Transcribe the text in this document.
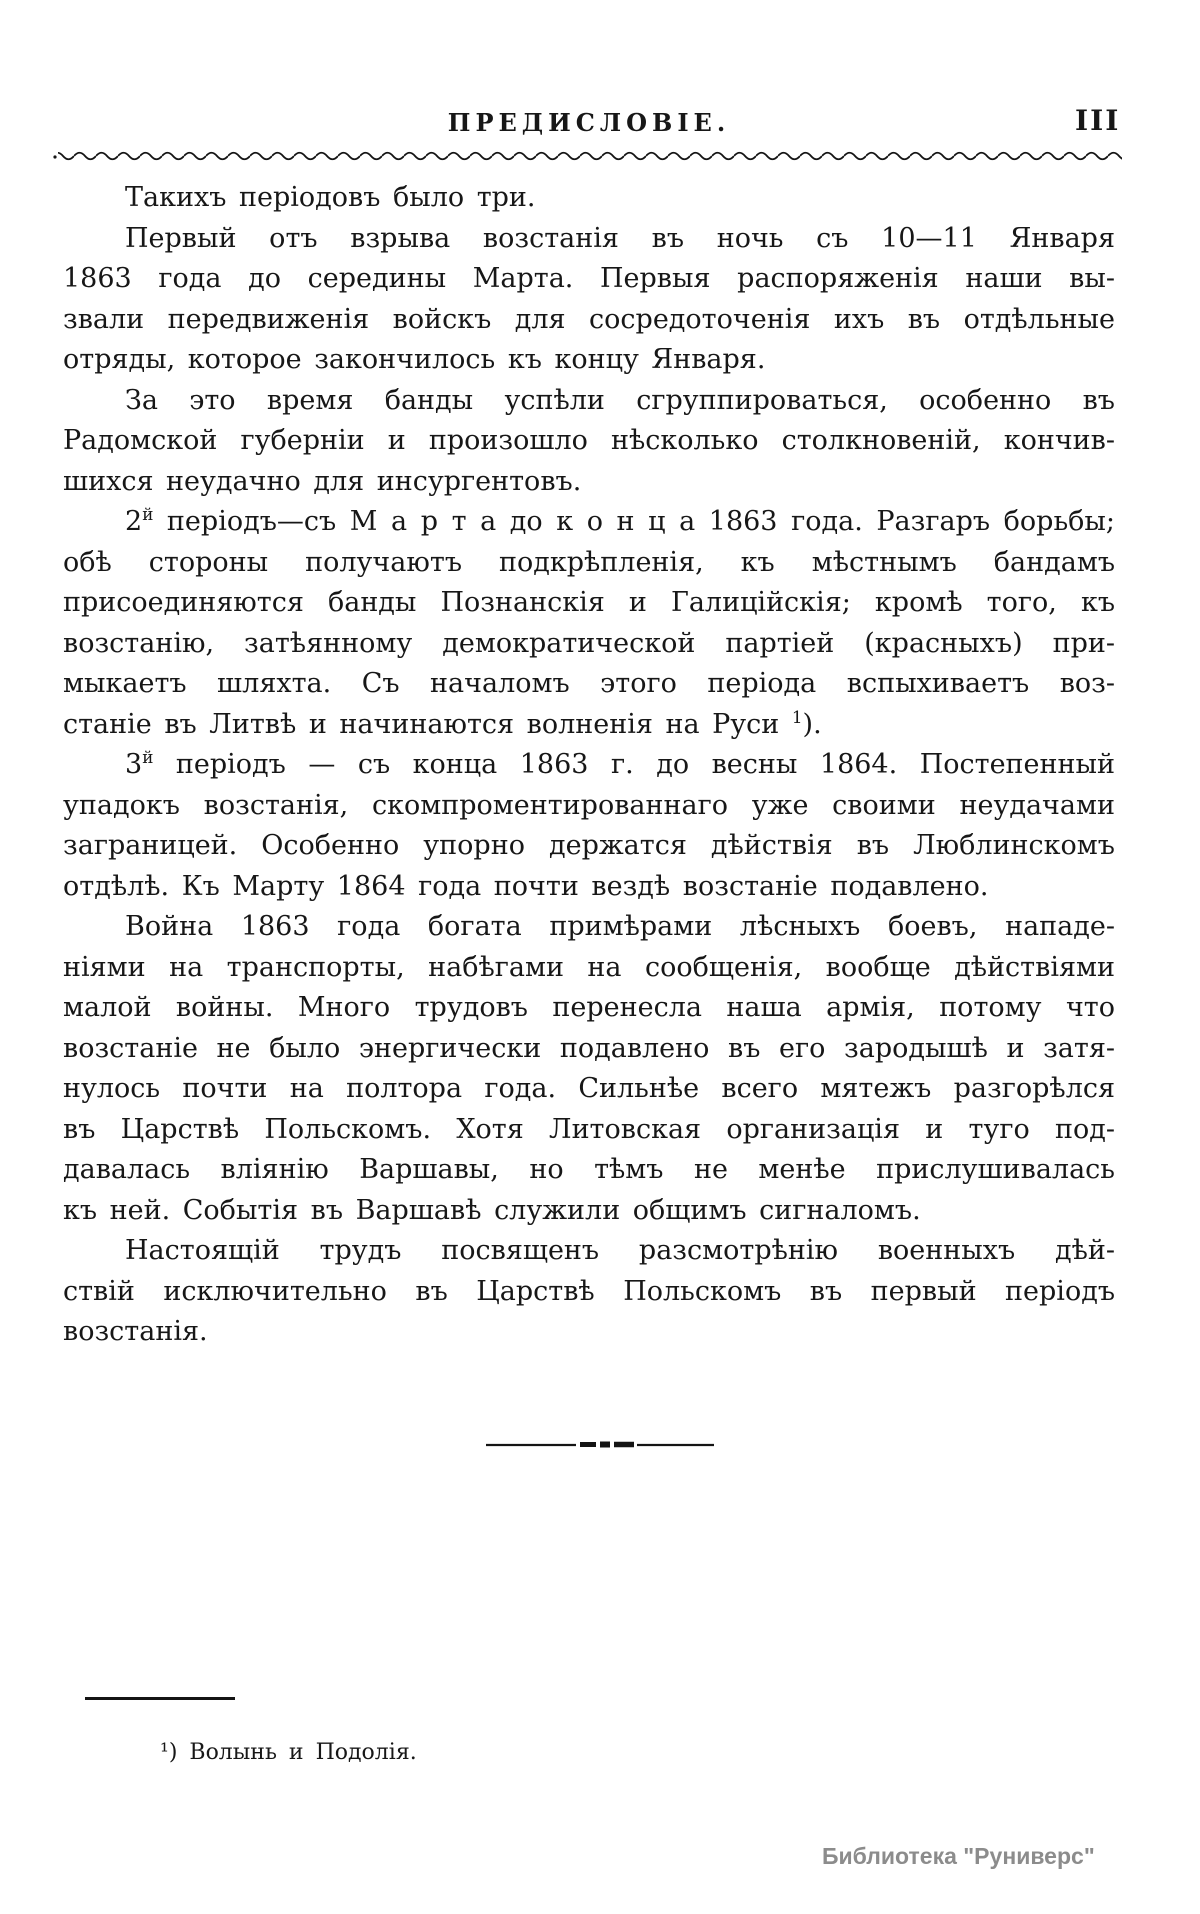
ПРЕДИСЛОВІЕ.	III
Такихъ періодовъ было три.
Первый отъ взрыва возстанія въ ночь съ 10—11 Января
1863 года до середины Марта. Первыя распоряженія наши вы-
звали передвиженія войскъ для сосредоточенія ихъ въ отдѣльные
отряды, которое закончилось къ концу Января.
За это время банды успѣли сгруппироваться, особенно въ
Радомской губерніи и произошло нѣсколько столкновеній, кончив-
шихся неудачно для инсургентовъ.
$2^й$ періодъ—съ М а р т а до к о н ц а 1863 года. Разгаръ борьбы;
обѣ стороны получаютъ подкрѣпленія, къ мѣстнымъ бандамъ
присоединяются банды Познанскія и Галиційскія; кромѣ того, къ
возстанію, затѣянному демократической партіей (красныхъ) при-
мыкаетъ шляхта. Съ началомъ этого періода вспыхиваетъ воз-
станіе въ Литвѣ и начинаются волненія на Руси $^1$).
$3^й$ періодъ — съ конца 1863 г. до весны 1864. Постепенный
упадокъ возстанія, скомпроментированнаго уже своими неудачами
заграницей. Особенно упорно держатся дѣйствія въ Люблинскомъ
отдѣлѣ. Къ Марту 1864 года почти вездѣ возстаніе подавлено.
Война 1863 года богата примѣрами лѣсныхъ боевъ, нападе-
ніями на транспорты, набѣгами на сообщенія, вообще дѣйствіями
малой войны. Много трудовъ перенесла наша армія, потому что
возстаніе не было энергически подавлено въ его зародышѣ и затя-
нулось почти на полтора года. Сильнѣе всего мятежъ разгорѣлся
въ Царствѣ Польскомъ. Хотя Литовская организація и туго под-
давалась вліянію Варшавы, но тѣмъ не менѣе прислушивалась
къ ней. Событія въ Варшавѣ служили общимъ сигналомъ.
Настоящій трудъ посвященъ разсмотрѣнію военныхъ дѣй-
ствій исключительно въ Царствѣ Польскомъ въ первый періодъ
возстанія.
¹) Волынь и Подолія.
Библиотека "Руниверс"
